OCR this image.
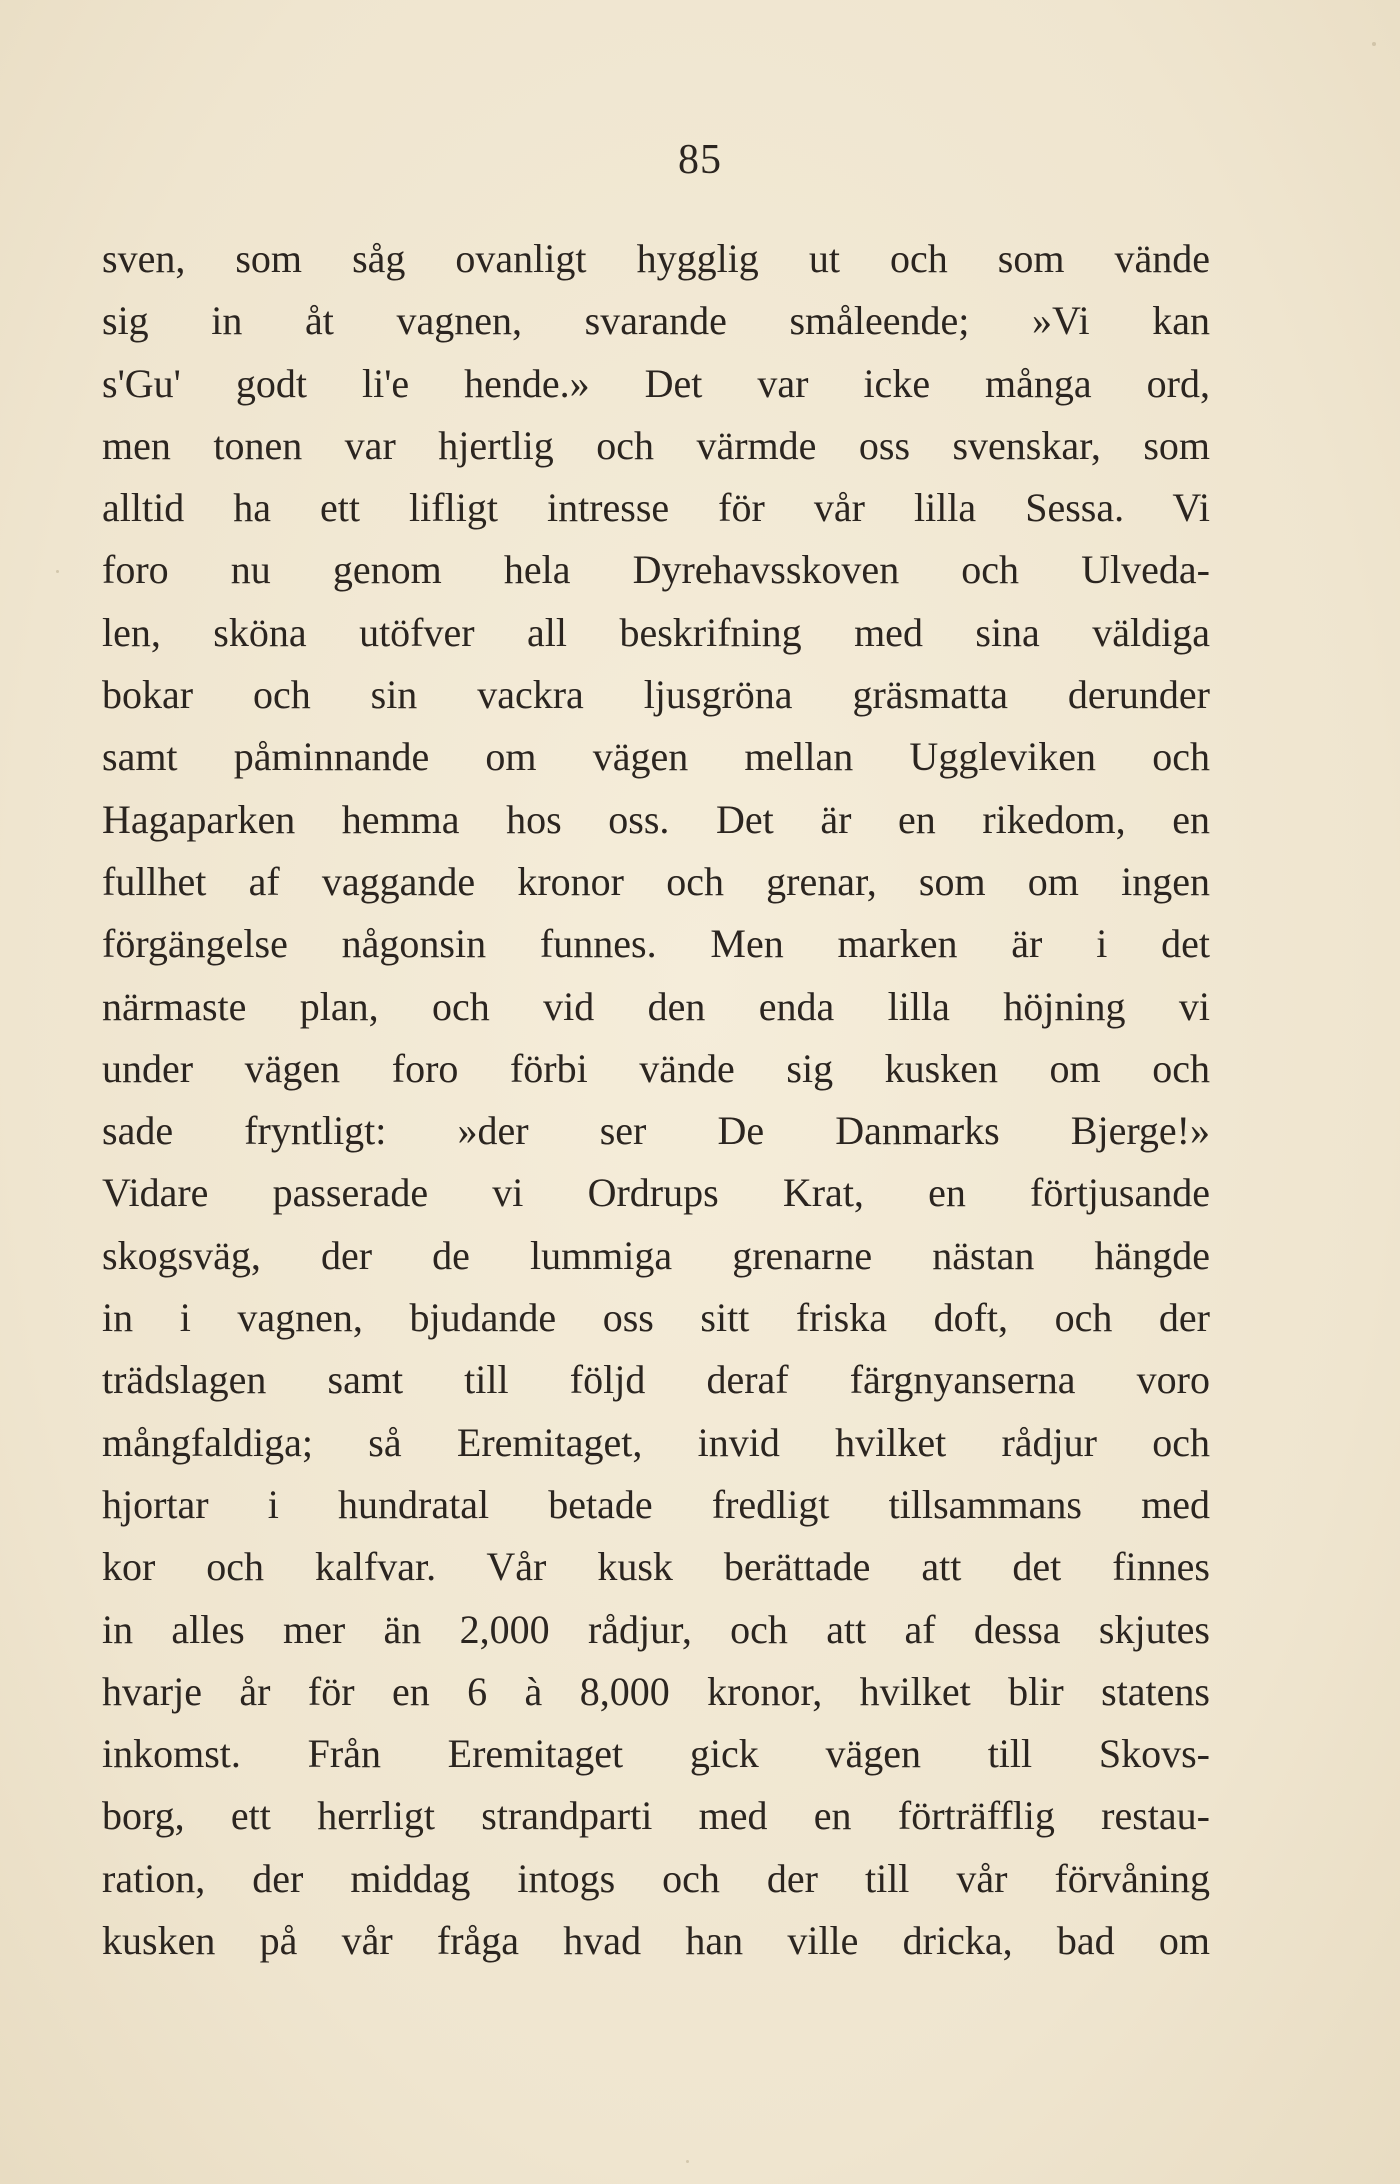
85
sven, som såg ovanligt hygglig ut och som vände
sig in åt vagnen, svarande småleende; »Vi kan
s'Gu' godt li'e hende.» Det var icke många ord,
men tonen var hjertlig och värmde oss svenskar, som
alltid ha ett lifligt intresse för vår lilla Sessa. Vi
foro nu genom hela Dyrehavsskoven och Ulveda-
len, sköna utöfver all beskrifning med sina väldiga
bokar och sin vackra ljusgröna gräsmatta derunder
samt påminnande om vägen mellan Uggleviken och
Hagaparken hemma hos oss. Det är en rikedom, en
fullhet af vaggande kronor och grenar, som om ingen
förgängelse någonsin funnes. Men marken är i det
närmaste plan, och vid den enda lilla höjning vi
under vägen foro förbi vände sig kusken om och
sade fryntligt: »der ser De Danmarks Bjerge!»
Vidare passerade vi Ordrups Krat, en förtjusande
skogsväg, der de lummiga grenarne nästan hängde
in i vagnen, bjudande oss sitt friska doft, och der
trädslagen samt till följd deraf färgnyanserna voro
mångfaldiga; så Eremitaget, invid hvilket rådjur och
hjortar i hundratal betade fredligt tillsammans med
kor och kalfvar. Vår kusk berättade att det finnes
in alles mer än 2,000 rådjur, och att af dessa skjutes
hvarje år för en 6 à 8,000 kronor, hvilket blir statens
inkomst. Från Eremitaget gick vägen till Skovs-
borg, ett herrligt strandparti med en förträfflig restau-
ration, der middag intogs och der till vår förvåning
kusken på vår fråga hvad han ville dricka, bad om
